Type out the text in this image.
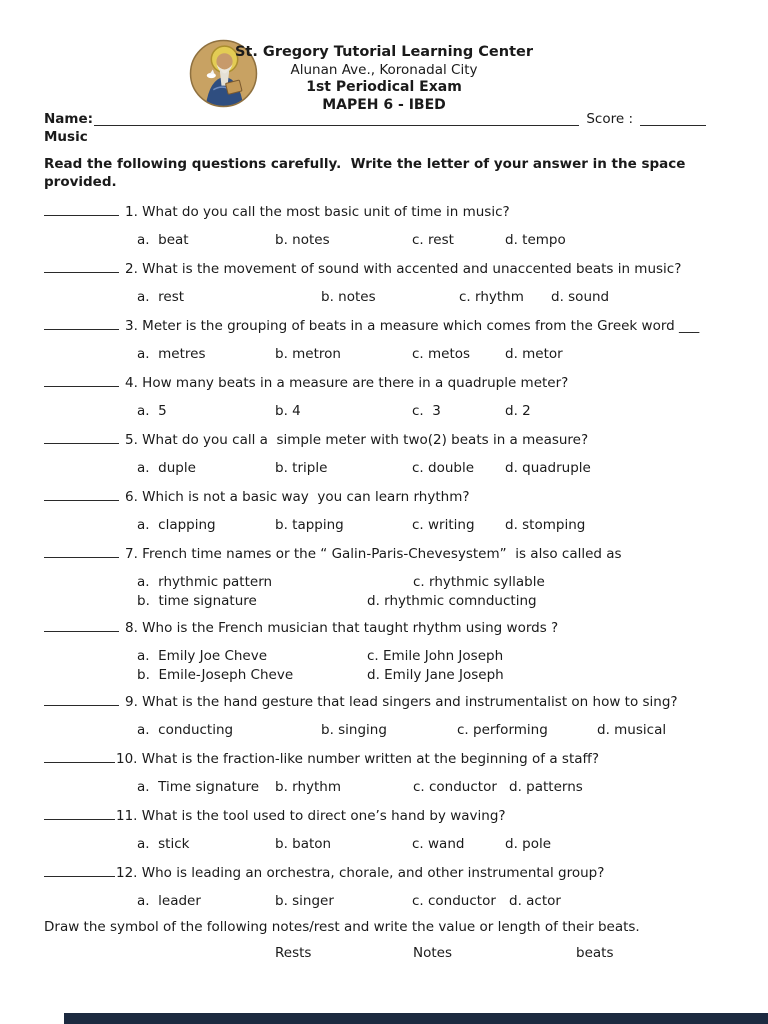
St. Gregory Tutorial Learning Center
Alunan Ave., Koronadal City
1st Periodical Exam
MAPEH 6 - IBED
Name:	Score :
Music
Read the following questions carefully.  Write the letter of your answer in the space provided.
1. What do you call the most basic unit of time in music?
a.  beat	b. notes	c. rest	d. tempo
2. What is the movement of sound with accented and unaccented beats in music?
a.  rest	b. notes	c. rhythm d. sound
3. Meter is the grouping of beats in a measure which comes from the Greek word ___
a.  metres	b. metron	c. metos	d. metor
4. How many beats in a measure are there in a quadruple meter?
a.  5	b. 4	c.  3	d. 2
5. What do you call a  simple meter with two(2) beats in a measure?
a.  duple	b. triple	c. double d. quadruple
6. Which is not a basic way  you can learn rhythm?
a.  clapping	b. tapping	c. writing d. stomping
7. French time names or the “ Galin-Paris-Chevesystem”  is also called as
a.  rhythmic pattern	c. rhythmic syllable
b.  time signature	d. rhythmic comnducting
8. Who is the French musician that taught rhythm using words ?
a.  Emily Joe Cheve	c. Emile John Joseph
b.  Emile-Joseph Cheve	d. Emily Jane Joseph
9. What is the hand gesture that lead singers and instrumentalist on how to sing?
a.  conducting	b. singing	c. performing	d. musical
10. What is the fraction-like number written at the beginning of a staff?
a.  Time signature b. rhythm	c. conductor d. patterns
11. What is the tool used to direct one’s hand by waving?
a.  stick	b. baton	c. wand	d. pole
12. Who is leading an orchestra, chorale, and other instrumental group?
a.  leader	b. singer	c. conductor d. actor
Draw the symbol of the following notes/rest and write the value or length of their beats.
Rests	Notes	beats
